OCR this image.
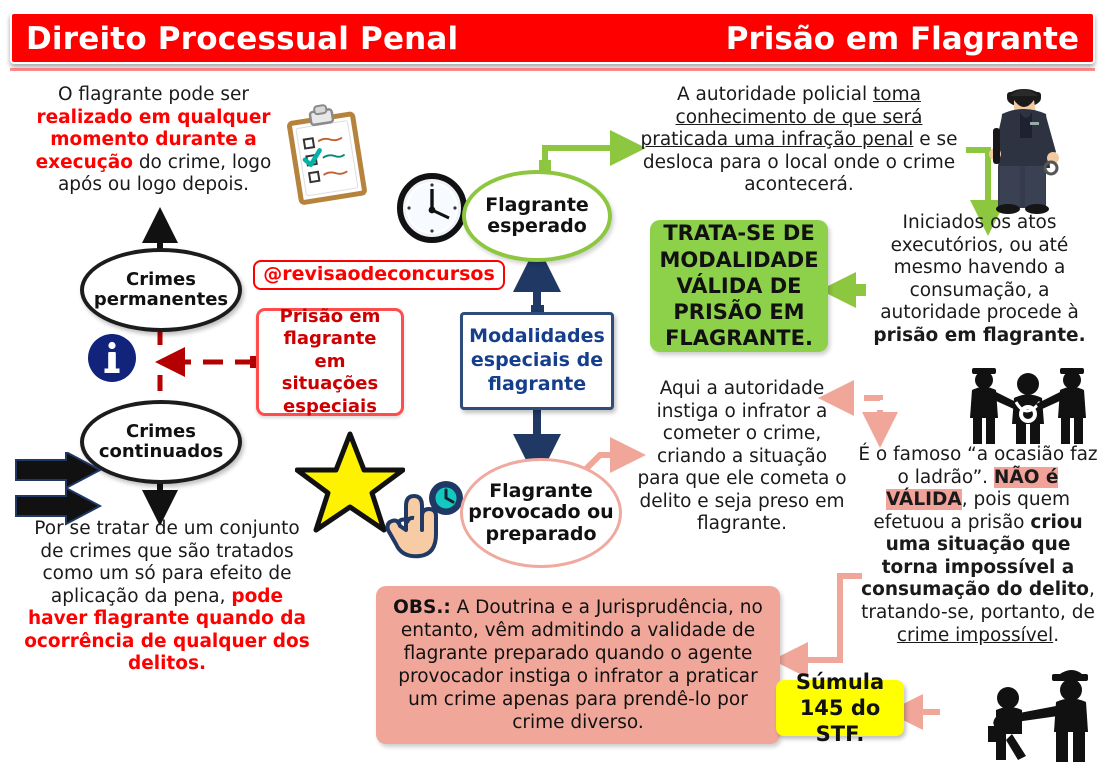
Direito Processual Penal	Prisão em Flagrante
O flagrante pode ser
realizado em qualquer
momento durante a
execução do crime, logo
após ou logo depois.
Crimes permanentes
Crimes continuados
@revisaodeconcursos
Prisão em flagrante em situações especiais
Por se tratar de um conjunto de crimes que são tratados como um só para efeito de aplicação da pena, pode haver flagrante quando da ocorrência de qualquer dos delitos.
Flagrante esperado
Modalidades especiais de flagrante
Flagrante provocado ou preparado
OBS.: A Doutrina e a Jurisprudência, no entanto, vêm admitindo a validade de flagrante preparado quando o agente provocador instiga o infrator a praticar um crime apenas para prendê-lo por crime diverso.
Súmula 145 do STF.
A autoridade policial toma conhecimento de que será praticada uma infração penal e se desloca para o local onde o crime acontecerá.
TRATA-SE DE MODALIDADE VÁLIDA DE PRISÃO EM FLAGRANTE.
Iniciados os atos executórios, ou até mesmo havendo a consumação, a autoridade procede à prisão em flagrante.
Aqui a autoridade instiga o infrator a cometer o crime, criando a situação para que ele cometa o delito e seja preso em flagrante.
É o famoso “a ocasião faz o ladrão”. NÃO é VÁLIDA, pois quem efetuou a prisão criou uma situação que torna impossível a consumação do delito, tratando-se, portanto, de crime impossível.
